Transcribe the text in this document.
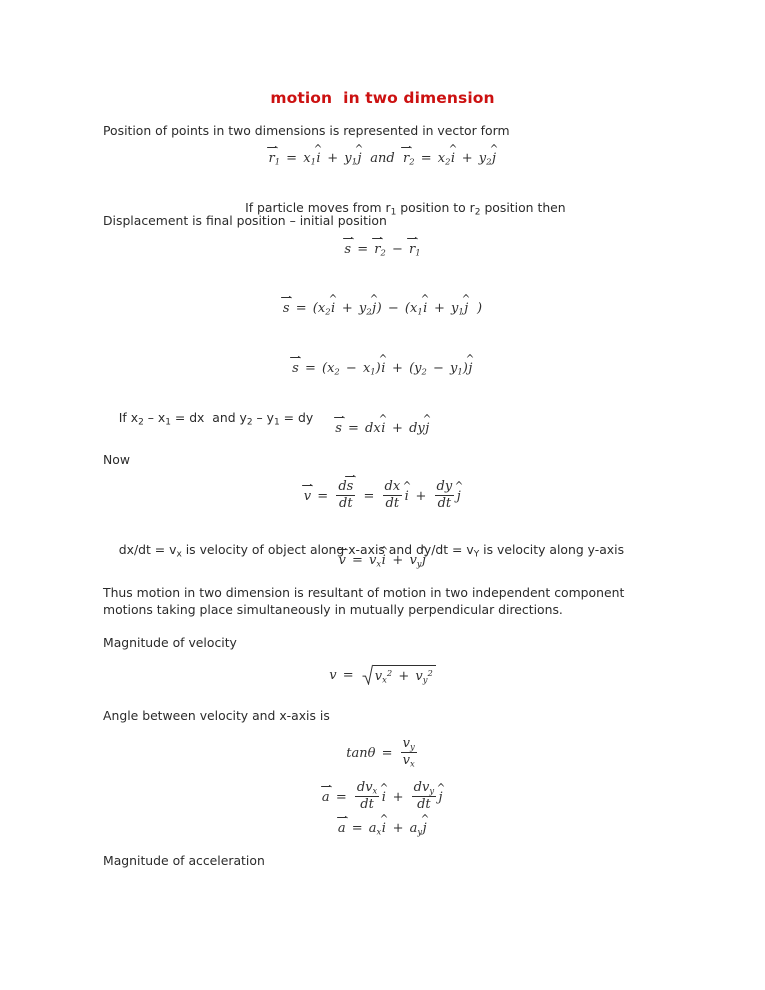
motion  in two dimension
Position of points in two dimensions is represented in vector form
$r_1$ = $x_1\^{}$ $i + y_1\^{}$ j and $r_2$ = $x_2\^{}$ $i + y_2\^{}$ j

If particle moves from $r_1$ position to $r_2$ position then

Displacement is final position – initial position
$s = r_2 - r_1$
$s = (x_2\^{}$ $i + y_2\^{}$ $j) - (x_1\^{}$ $i + y_1\^{}$ j )
$s = (x_2$ − $x_1)\^{}$ $i + (y_2$ − $y_1)\^{}$ j

If $x_2 - x_1$ = dx  and $y_2 - y_1$ = dy

s = dx^ i + dy^ j
Now
$v = \frac{ds}{dt} = \frac{dx}{dt}$ ^ $i + \frac{dy}{dt}$ ^ j

$dx/dt = v_x$ is velocity of object along x-axis and $dy/dt = v_Y$ is velocity along y-axis

$v = v_x\^{}$ $i + v_y\^{}$ j
Thus motion in two dimension is resultant of motion in two independent component motions taking place simultaneously in mutually perpendicular directions.
Magnitude of velocity
$v = v_x^2 + v_y^2$
Angle between velocity and x-axis is
$\tan\theta = \frac{v_y}{v_x}$
$a = \frac{dv_x}{dt}$ ^ $i + \frac{dv_y}{dt}$ ^ j
$a = a_x\^{}$ $i + a_y\^{}$ j
Magnitude of acceleration
